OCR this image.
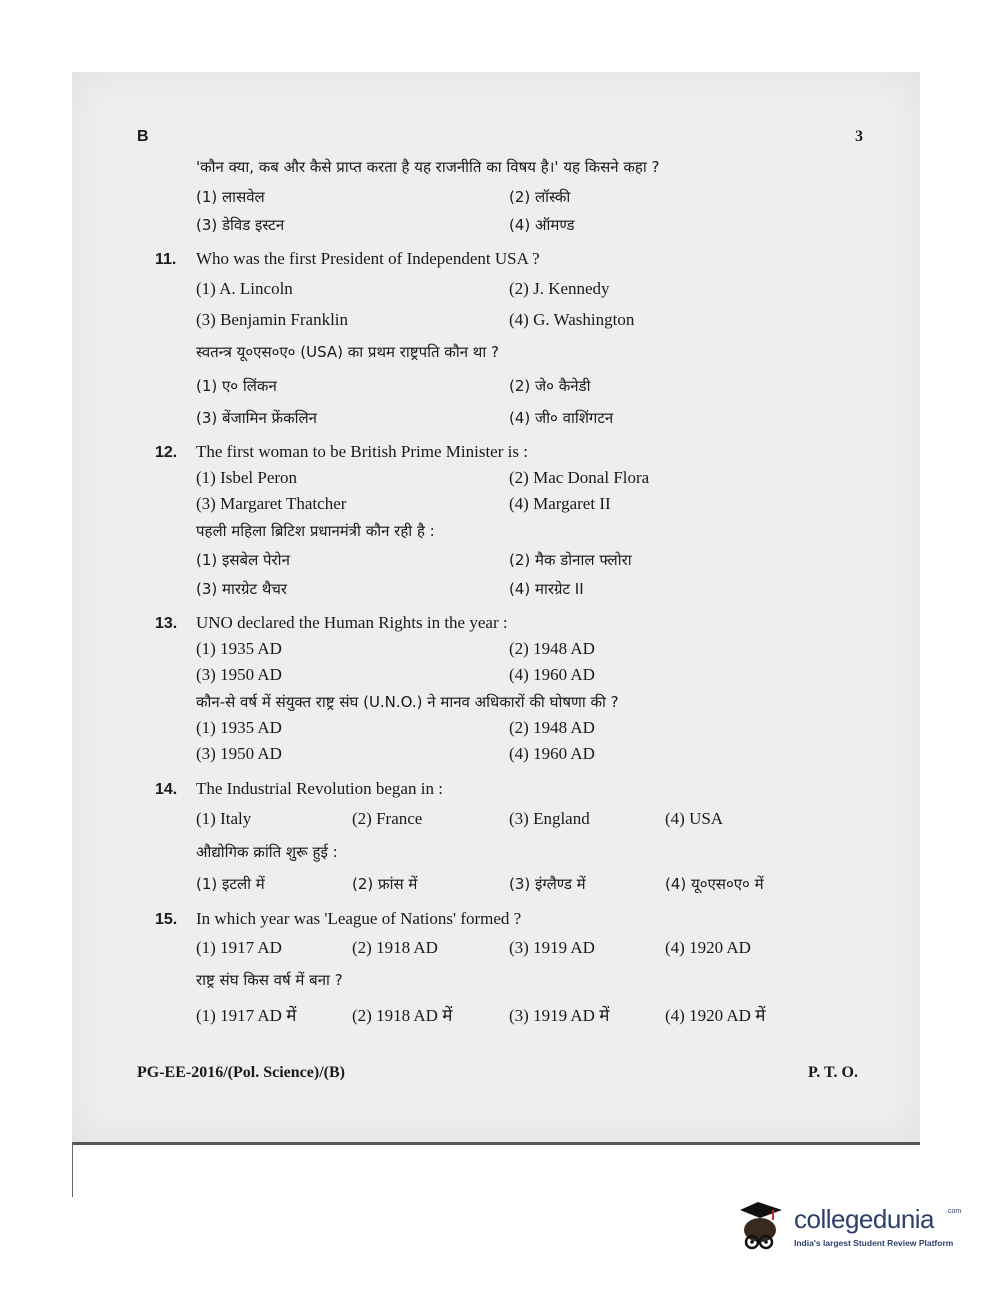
B	3
'कौन क्या, कब और कैसे प्राप्त करता है यह राजनीति का विषय है।' यह किसने कहा ?
(1) लासवेल	(2) लॉस्की
(3) डेविड इस्टन	(4) ऑमण्ड
11. Who was the first President of Independent USA ?
(1) A. Lincoln	(2) J. Kennedy
(3) Benjamin Franklin	(4) G. Washington
स्वतन्त्र यू०एस०ए० (USA) का प्रथम राष्ट्रपति कौन था ?
(1) ए० लिंकन	(2) जे० कैनेडी
(3) बेंजामिन फ्रेंकलिन	(4) जी० वाशिंगटन
12. The first woman to be British Prime Minister is :
(1) Isbel Peron	(2) Mac Donal Flora
(3) Margaret Thatcher	(4) Margaret II
पहली महिला ब्रिटिश प्रधानमंत्री कौन रही है :
(1) इसबेल पेरोन	(2) मैक डोनाल फ्लोरा
(3) मारग्रेट थैचर	(4) मारग्रेट II
13. UNO declared the Human Rights in the year :
(1) 1935 AD	(2) 1948 AD
(3) 1950 AD	(4) 1960 AD
कौन-से वर्ष में संयुक्त राष्ट्र संघ (U.N.O.) ने मानव अधिकारों की घोषणा की ?
(1) 1935 AD	(2) 1948 AD
(3) 1950 AD	(4) 1960 AD
14. The Industrial Revolution began in :
(1) Italy	(2) France	(3) England	(4) USA
औद्योगिक क्रांति शुरू हुई :
(1) इटली में	(2) फ्रांस में	(3) इंग्लैण्ड में	(4) यू०एस०ए० में
15. In which year was 'League of Nations' formed ?
(1) 1917 AD	(2) 1918 AD	(3) 1919 AD	(4) 1920 AD
राष्ट्र संघ किस वर्ष में बना ?
(1) 1917 AD में	(2) 1918 AD में	(3) 1919 AD में	(4) 1920 AD में
PG-EE-2016/(Pol. Science)/(B)	P. T. O.
collegedunia .com
India's largest Student Review Platform
